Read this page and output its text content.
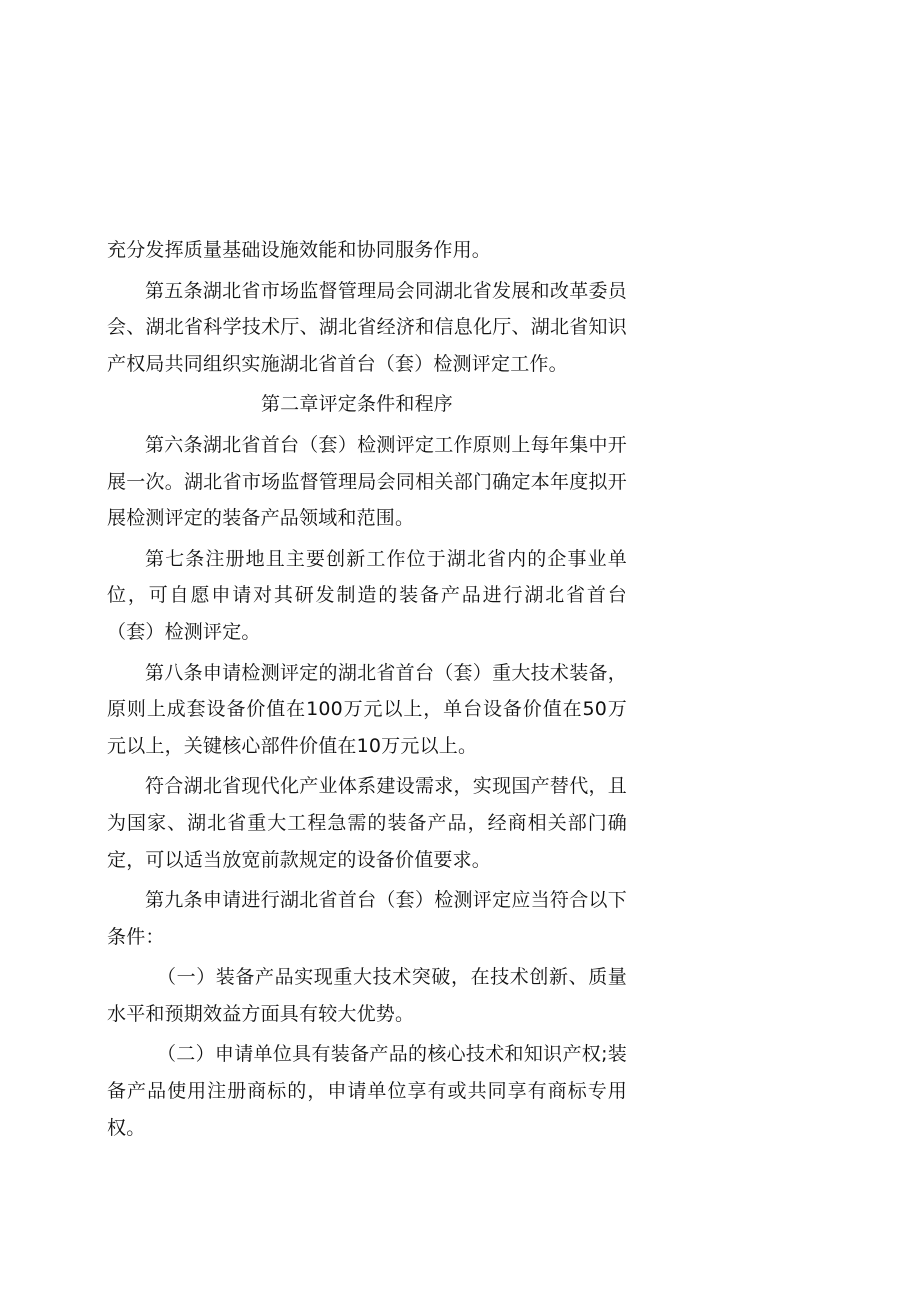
充分发挥质量基础设施效能和协同服务作用。

第五条湖北省市场监督管理局会同湖北省发展和改革委员会、湖北省科学技术厅、湖北省经济和信息化厅、湖北省知识产权局共同组织实施湖北省首台（套）检测评定工作。

第二章评定条件和程序

第六条湖北省首台（套）检测评定工作原则上每年集中开展一次。湖北省市场监督管理局会同相关部门确定本年度拟开展检测评定的装备产品领域和范围。

第七条注册地且主要创新工作位于湖北省内的企事业单位，可自愿申请对其研发制造的装备产品进行湖北省首台（套）检测评定。

第八条申请检测评定的湖北省首台（套）重大技术装备，原则上成套设备价值在100万元以上，单台设备价值在50万元以上，关键核心部件价值在10万元以上。

符合湖北省现代化产业体系建设需求，实现国产替代，且为国家、湖北省重大工程急需的装备产品，经商相关部门确定，可以适当放宽前款规定的设备价值要求。

第九条申请进行湖北省首台（套）检测评定应当符合以下条件：

（一）装备产品实现重大技术突破，在技术创新、质量水平和预期效益方面具有较大优势。

（二）申请单位具有装备产品的核心技术和知识产权;装备产品使用注册商标的，申请单位享有或共同享有商标专用权。
